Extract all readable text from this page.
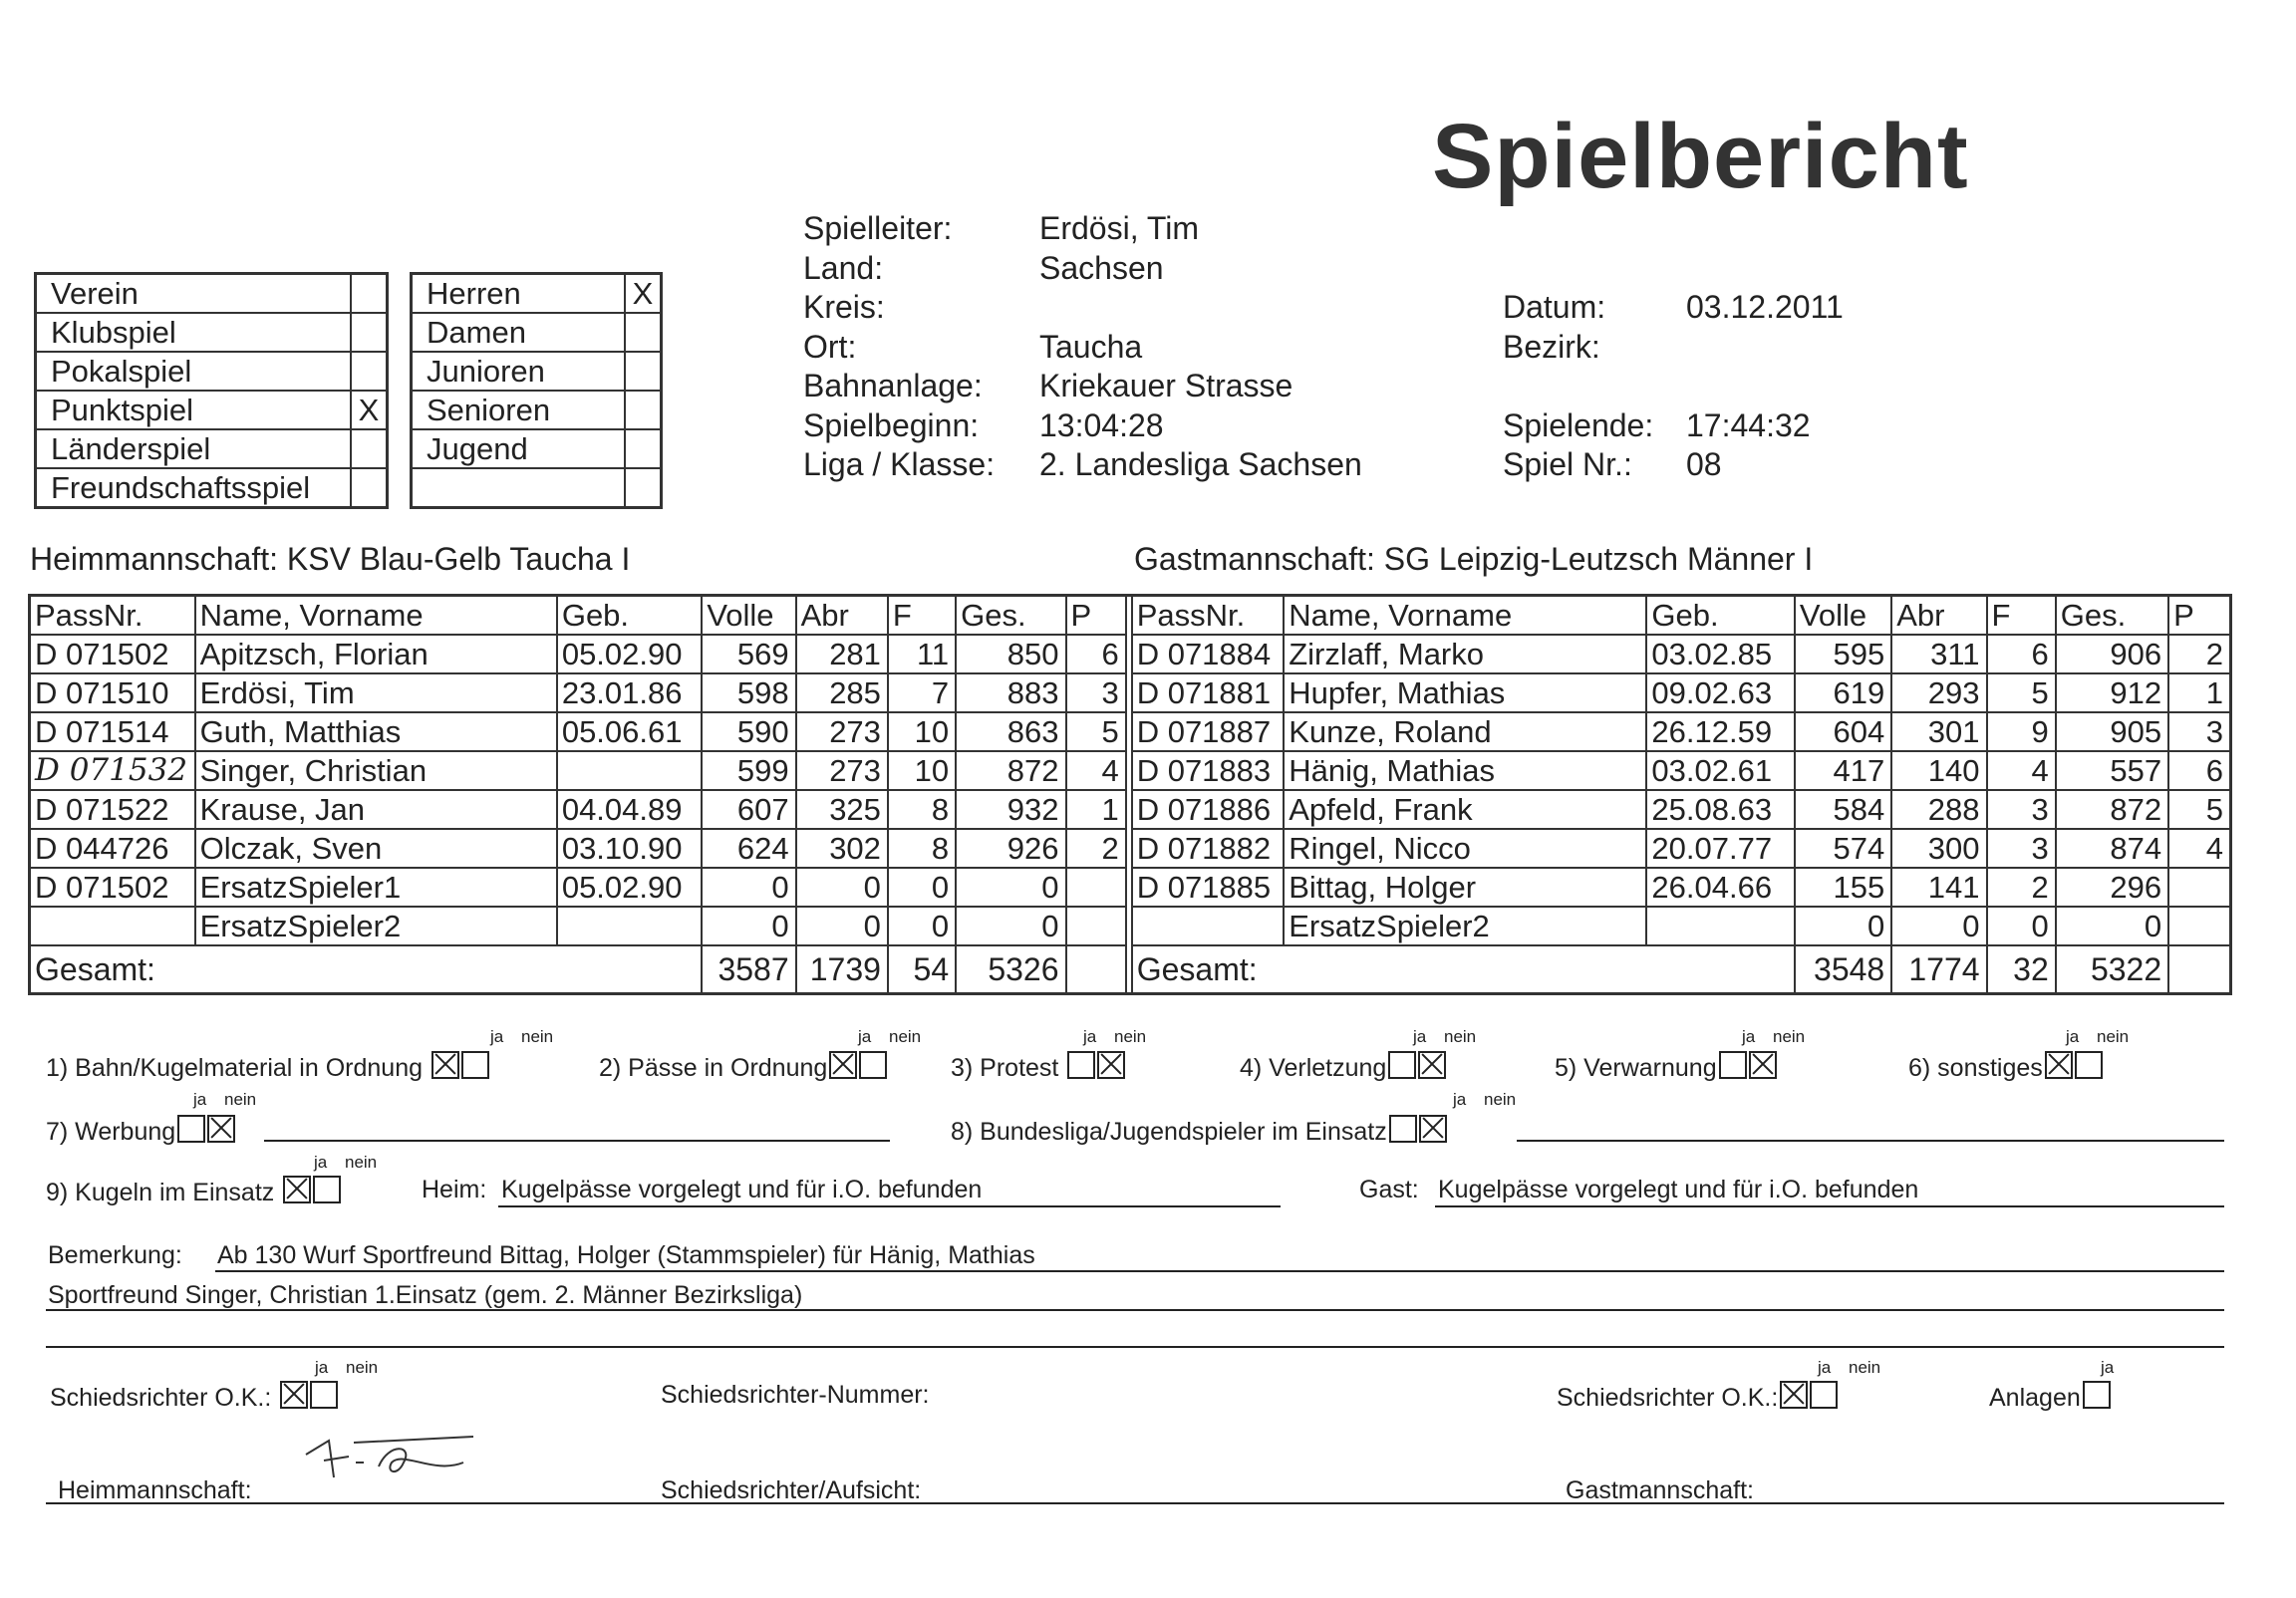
Spielbericht
Verein	
Klubspiel	
Pokalspiel	
Punktspiel	X
Länderspiel	
Freundschaftsspiel	
Herren	X
Damen	
Junioren	
Senioren	
Jugend	

Spielleiter:	Erdösi, Tim
Land:	Sachsen
Kreis:
Ort:	Taucha
Bahnanlage:	Kriekauer Strasse
Spielbeginn:	13:04:28
Liga / Klasse:	2. Landesliga Sachsen
Datum:	03.12.2011
Bezirk:
Spielende:	17:44:32
Spiel Nr.:	08
Heimmannschaft: KSV Blau-Gelb Taucha I	Gastmannschaft: SG Leipzig-Leutzsch Männer I
PassNr.	Name, Vorname	Geb.	Volle	Abr	F	Ges.	P		PassNr.	Name, Vorname	Geb.	Volle	Abr	F	Ges.	P
D 071502	Apitzsch, Florian	05.02.90	569	281	11	850	6		D 071884	Zirzlaff, Marko	03.02.85	595	311	6	906	2
D 071510	Erdösi, Tim	23.01.86	598	285	7	883	3		D 071881	Hupfer, Mathias	09.02.63	619	293	5	912	1
D 071514	Guth, Matthias	05.06.61	590	273	10	863	5		D 071887	Kunze, Roland	26.12.59	604	301	9	905	3
D 071532	Singer, Christian		599	273	10	872	4		D 071883	Hänig, Mathias	03.02.61	417	140	4	557	6
D 071522	Krause, Jan	04.04.89	607	325	8	932	1		D 071886	Apfeld, Frank	25.08.63	584	288	3	872	5
D 044726	Olczak, Sven	03.10.90	624	302	8	926	2		D 071882	Ringel, Nicco	20.07.77	574	300	3	874	4
D 071502	ErsatzSpieler1	05.02.90	0	0	0	0			D 071885	Bittag, Holger	26.04.66	155	141	2	296	
	ErsatzSpieler2		0	0	0	0				ErsatzSpieler2		0	0	0	0	
Gesamt:			3587	1739	54	5326			Gesamt:			3548	1774	32	5322	
ja nein
1) Bahn/Kugelmaterial in Ordnung
ja nein
2) Pässe in Ordnung
ja nein
3) Protest
ja nein
4) Verletzung
ja nein
5) Verwarnung
ja nein
6) sonstiges
ja nein
7) Werbung
ja nein
8) Bundesliga/Jugendspieler im Einsatz
ja nein
9) Kugeln im Einsatz	Heim: Kugelpässe vorgelegt und für i.O. befunden	Gast: Kugelpässe vorgelegt und für i.O. befunden
Bemerkung: Ab 130 Wurf Sportfreund Bittag, Holger (Stammspieler) für Hänig, Mathias
Sportfreund Singer, Christian 1.Einsatz (gem. 2. Männer Bezirksliga)
ja nein
Schiedsrichter O.K.:	Schiedsrichter-Nummer:
ja nein
Schiedsrichter O.K.:
ja
Anlagen
Heimmannschaft:	Schiedsrichter/Aufsicht:	Gastmannschaft:
